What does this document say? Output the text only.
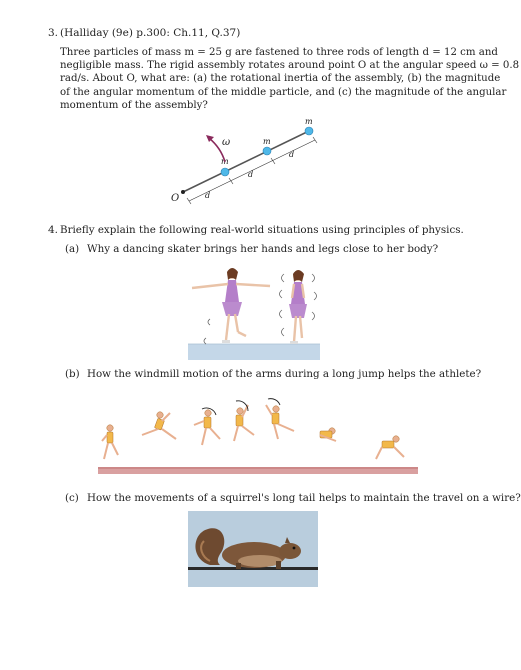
3. (Halliday (9e) p.300: Ch.11, Q.37)
Three particles of mass m = 25 g are fastened to three rods of length d = 12 cm and
negligible mass. The rigid assembly rotates around point O at the angular speed ω = 0.8
rad/s. About O, what are: (a) the rotational inertia of the assembly, (b) the magnitude
of the angular momentum of the middle particle, and (c) the magnitude of the angular
momentum of the assembly?
d
d
d
O
m
m
m
ω
4. Briefly explain the following real-world situations using principles of physics.
(a) Why a dancing skater brings her hands and legs close to her body?
(b) How the windmill motion of the arms during a long jump helps the athlete?
(c) How the movements of a squirrel's long tail helps to maintain the travel on a wire?
